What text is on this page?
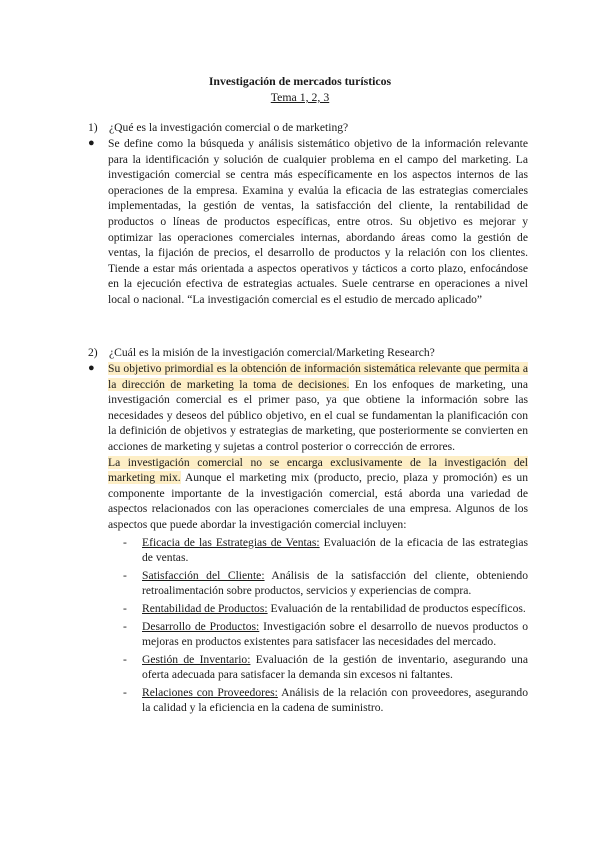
Investigación de mercados turísticos
Tema 1, 2, 3
1) ¿Qué es la investigación comercial o de marketing?
●	Se define como la búsqueda y análisis sistemático objetivo de la información relevante para la identificación y solución de cualquier problema en el campo del marketing. La investigación comercial se centra más específicamente en los aspectos internos de las operaciones de la empresa. Examina y evalúa la eficacia de las estrategias comerciales implementadas, la gestión de ventas, la satisfacción del cliente, la rentabilidad de productos o líneas de productos específicas, entre otros. Su objetivo es mejorar y optimizar las operaciones comerciales internas, abordando áreas como la gestión de ventas, la fijación de precios, el desarrollo de productos y la relación con los clientes. Tiende a estar más orientada a aspectos operativos y tácticos a corto plazo, enfocándose en la ejecución efectiva de estrategias actuales. Suele centrarse en operaciones a nivel local o nacional. “La investigación comercial es el estudio de mercado aplicado”
2) ¿Cuál es la misión de la investigación comercial/Marketing Research?
●	Su objetivo primordial es la obtención de información sistemática relevante que permita a la dirección de marketing la toma de decisiones. En los enfoques de marketing, una investigación comercial es el primer paso, ya que obtiene la información sobre las necesidades y deseos del público objetivo, en el cual se fundamentan la planificación con la definición de objetivos y estrategias de marketing, que posteriormente se convierten en acciones de marketing y sujetas a control posterior o corrección de errores.
La investigación comercial no se encarga exclusivamente de la investigación del marketing mix. Aunque el marketing mix (producto, precio, plaza y promoción) es un componente importante de la investigación comercial, está aborda una variedad de aspectos relacionados con las operaciones comerciales de una empresa. Algunos de los aspectos que puede abordar la investigación comercial incluyen:
-	Eficacia de las Estrategias de Ventas: Evaluación de la eficacia de las estrategias de ventas.
-	Satisfacción del Cliente: Análisis de la satisfacción del cliente, obteniendo retroalimentación sobre productos, servicios y experiencias de compra.
-	Rentabilidad de Productos: Evaluación de la rentabilidad de productos específicos.
-	Desarrollo de Productos: Investigación sobre el desarrollo de nuevos productos o mejoras en productos existentes para satisfacer las necesidades del mercado.
-	Gestión de Inventario: Evaluación de la gestión de inventario, asegurando una oferta adecuada para satisfacer la demanda sin excesos ni faltantes.
-	Relaciones con Proveedores: Análisis de la relación con proveedores, asegurando la calidad y la eficiencia en la cadena de suministro.
